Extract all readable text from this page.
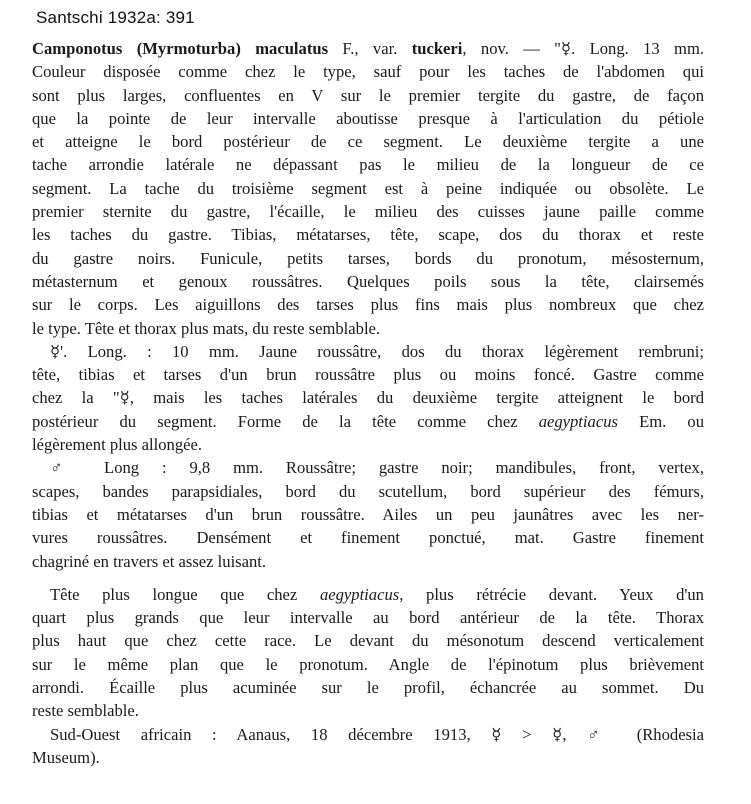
Santschi 1932a: 391
Camponotus (Myrmoturba) maculatus F., var. tuckeri, nov. — "☿. Long. 13 mm.
Couleur disposée comme chez le type, sauf pour les taches de l'abdomen qui
sont plus larges, confluentes en V sur le premier tergite du gastre, de façon
que la pointe de leur intervalle aboutisse presque à l'articulation du pétiole
et atteigne le bord postérieur de ce segment. Le deuxième tergite a une
tache arrondie latérale ne dépassant pas le milieu de la longueur de ce
segment. La tache du troisième segment est à peine indiquée ou obsolète. Le
premier sternite du gastre, l'écaille, le milieu des cuisses jaune paille comme
les taches du gastre. Tibias, métatarses, tête, scape, dos du thorax et reste
du gastre noirs. Funicule, petits tarses, bords du pronotum, mésosternum,
métasternum et genoux roussâtres. Quelques poils sous la tête, clairsemés
sur le corps. Les aiguillons des tarses plus fins mais plus nombreux que chez
le type. Tête et thorax plus mats, du reste semblable.
☿'. Long. : 10 mm. Jaune roussâtre, dos du thorax légèrement rembruni;
tête, tibias et tarses d'un brun roussâtre plus ou moins foncé. Gastre comme
chez la "☿, mais les taches latérales du deuxième tergite atteignent le bord
postérieur du segment. Forme de la tête comme chez aegyptiacus Em. ou
légèrement plus allongée.
♂ Long : 9,8 mm. Roussâtre; gastre noir; mandibules, front, vertex,
scapes, bandes parapsidiales, bord du scutellum, bord supérieur des fémurs,
tibias et métatarses d'un brun roussâtre. Ailes un peu jaunâtres avec les ner-
vures roussâtres. Densément et finement ponctué, mat. Gastre finement
chagriné en travers et assez luisant.
Tête plus longue que chez aegyptiacus, plus rétrécie devant. Yeux d'un
quart plus grands que leur intervalle au bord antérieur de la tête. Thorax
plus haut que chez cette race. Le devant du mésonotum descend verticalement
sur le même plan que le pronotum. Angle de l'épinotum plus brièvement
arrondi. Écaille plus acuminée sur le profil, échancrée au sommet. Du
reste semblable.
Sud-Ouest africain : Aanaus, 18 décembre 1913, ☿ > ☿, ♂ (Rhodesia
Museum).
